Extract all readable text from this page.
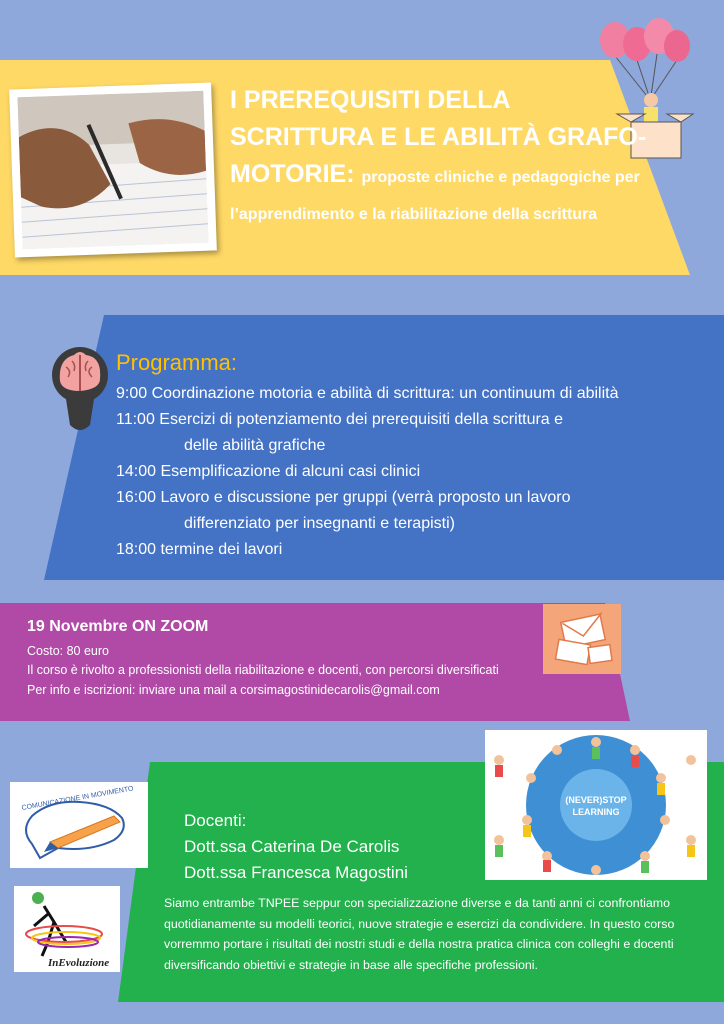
I PREREQUISITI DELLA SCRITTURA E LE ABILITÀ GRAFO-MOTORIE: proposte cliniche e pedagogiche per l’apprendimento e la riabilitazione della scrittura
Programma:
9:00 Coordinazione motoria e abilità di scrittura: un continuum di abilità
11:00 Esercizi di potenziamento dei prerequisiti della scrittura e
delle abilità grafiche
14:00 Esemplificazione di alcuni casi clinici
16:00 Lavoro e discussione per gruppi (verrà proposto un lavoro
differenziato per insegnanti e terapisti)
18:00 termine dei lavori
19 Novembre ON ZOOM
Costo: 80 euro
Il corso è rivolto a professionisti della riabilitazione e docenti, con percorsi diversificati
Per info e iscrizioni: inviare una mail a corsimagostinidecarolis@gmail.com
(NEVER)STOP
LEARNING
COMUNICAZIONE IN MOVIMENTO
InEvoluzione
Docenti:
Dott.ssa Caterina De Carolis
Dott.ssa Francesca Magostini
Siamo entrambe TNPEE seppur con specializzazione diverse e da tanti anni ci confrontiamo quotidianamente su modelli teorici, nuove strategie e esercizi da condividere. In questo corso vorremmo portare i risultati dei nostri studi e della nostra pratica clinica con colleghi e docenti diversificando obiettivi e strategie in base alle specifiche professioni.
